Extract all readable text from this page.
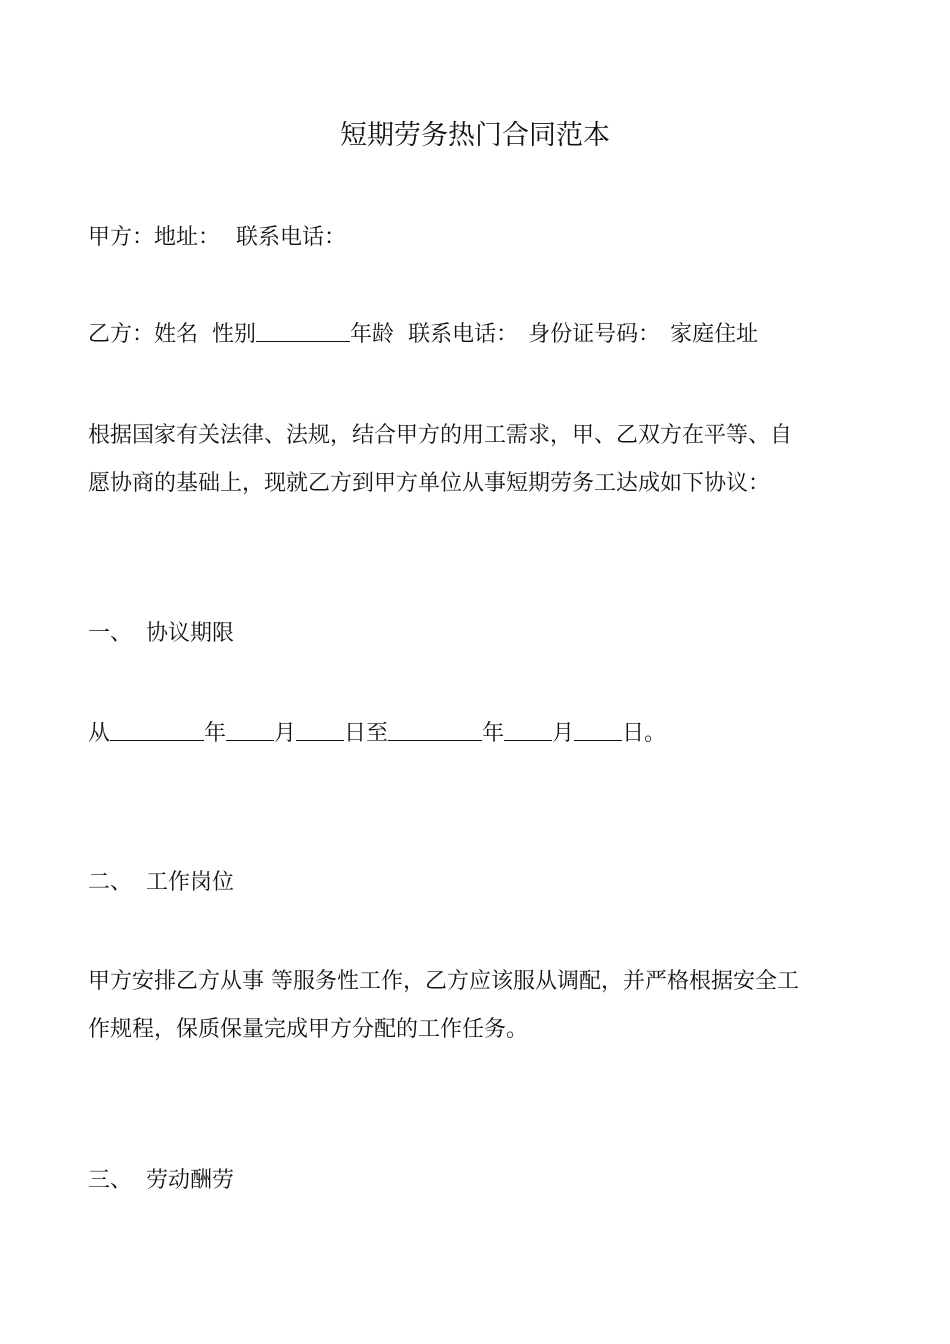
短期劳务热门合同范本
甲方：地址： 联系电话：
乙方：姓名 性别	年龄 联系电话： 身份证号码： 家庭住址

根据国家有关法律、法规，结合甲方的用工需求，甲、乙双方在平等、自

愿协商的基础上，现就乙方到甲方单位从事短期劳务工达成如下协议：

一、 协议期限
从	年 月 日至	年 月 日。
二、 工作岗位

甲方安排乙方从事 等服务性工作，乙方应该服从调配，并严格根据安全工

作规程，保质保量完成甲方分配的工作任务。

三、 劳动酬劳
